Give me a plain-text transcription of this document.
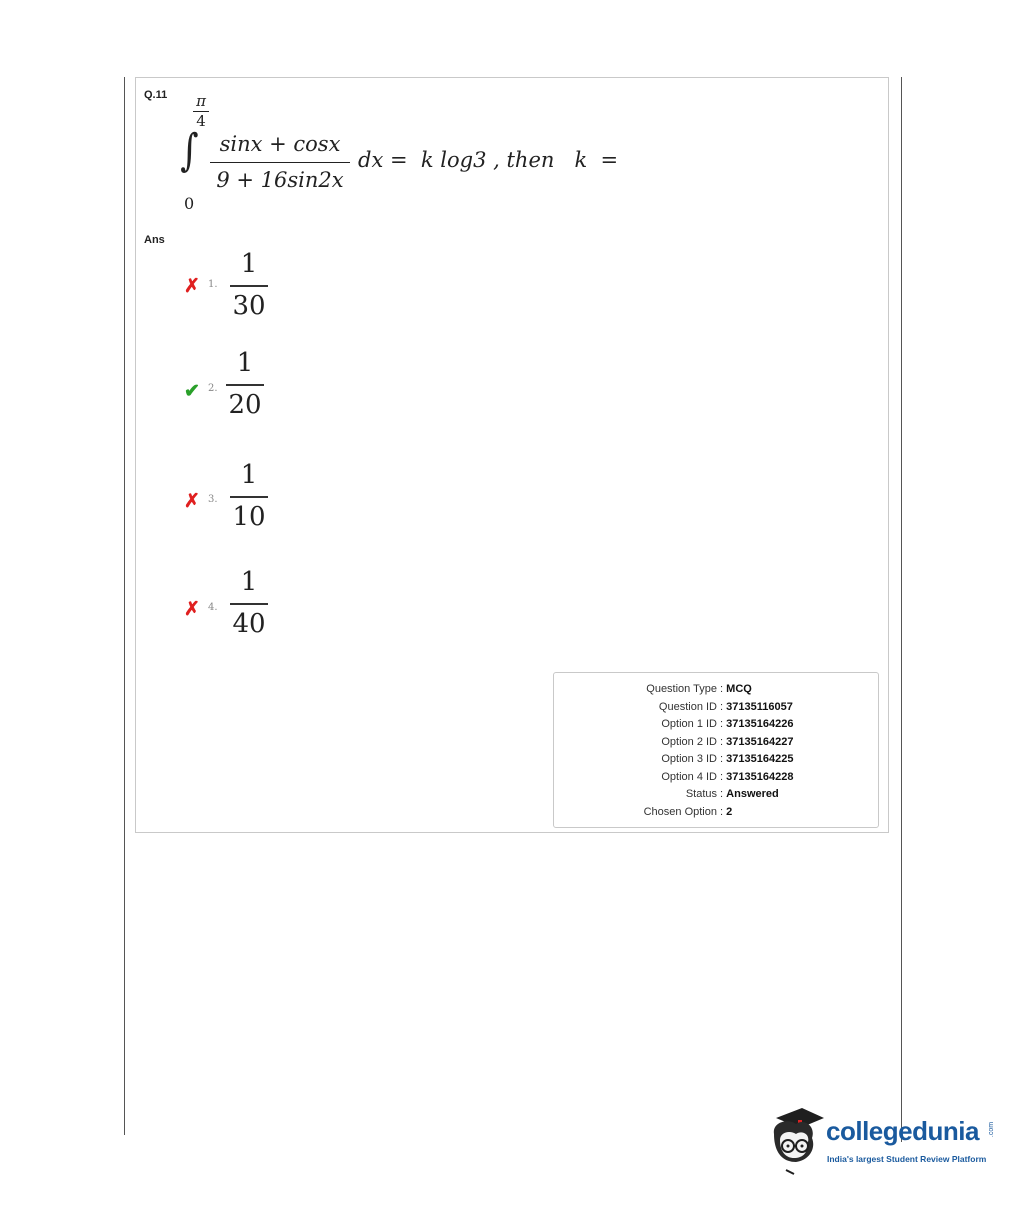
Q.11 π
4
∫
0
sinx + cosx
9 + 16sin2x
dx =  k log3 , then   k  =
Ans
✗ 1.
1
30
✔ 2.
1
20
✗ 3.
1
10
✗ 4.
1
40
Question Type : MCQ
Question ID : 37135116057
Option 1 ID : 37135164226
Option 2 ID : 37135164227
Option 3 ID : 37135164225
Option 4 ID : 37135164228
Status : Answered
Chosen Option : 2
collegedunia .com
India's largest Student Review Platform
